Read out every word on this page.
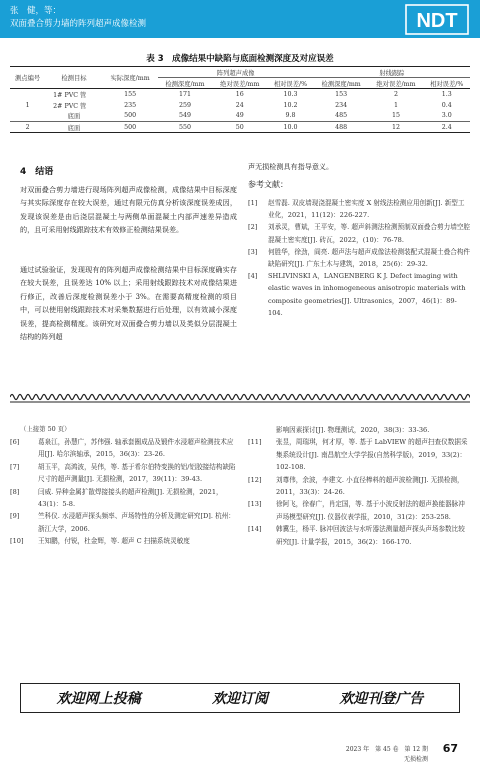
张　健，等：
双面叠合剪力墙的阵列超声成像检测	NDT
表 3　成像结果中缺陷与底面检测深度及对应误差
测点编号	检测目标	实际深度/mm	阵列超声成像			射线跟踪		
			检测深度/mm	绝对误差/mm	相对误差/%	检测深度/mm	绝对误差/mm	相对误差/%
1	1# PVC 管	155	171	16	10.3	153	2	1.3
	2# PVC 管	235	259	24	10.2	234	1	0.4
	底面	500	549	49	9.8	485	15	3.0
2	底面	500	550	50	10.0	488	12	2.4
4　结语

对双面叠合剪力墙进行现场阵列超声成像检测，成像结果中目标深度与其实际深度存在较大误差，通过有限元仿真分析该深度误差成因，发现该误差是由后浇层混凝土与两侧单面混凝土内部声速差异造成的，且可采用射线跟踪技术有效修正检测结果误差。

通过试验验证，发现现有的阵列超声成像检测结果中目标深度确实存在较大误差，且误差达 10% 以上；采用射线跟踪技术对成像结果进行修正，改善后深度检测误差小于 3%。在需要高精度检测的项目中，可以使用射线跟踪技术对采集数据进行后处理，以有效减小深度误差，提高检测精度。该研究对双面叠合剪力墙以及类似分层混凝土结构的阵列超

声无损检测具有指导意义。

参考文献：
[1]	赵雪磊. 双皮墙现浇混凝土密实度 X 射线法检测应用创新[J]. 新型工业化，2021，11(12)：226-227.
[2]	刘承灵，曹斌，王平安，等. 超声斜测法检测预制双面叠合剪力墙空腔混凝土密实度[J]. 砖瓦，2022，(10)：76-78.
[3]	何胜华，徐劲，阎亮. 超声法与超声成像法检测装配式混凝土叠合构件缺陷研究[J]. 广东土木与建筑，2018，25(6)：29-32.
[4]	SHLIVINSKI A，LANGENBERG K J. Defect imaging with elastic waves in inhomogeneous anisotropic materials with composite geometries[J]. Ultrasonics，2007，46(1)：89-104.
（上接第 50 页）
[6]	葛泉江，孙慧广，苏伟强. 轴承套圈成品及锻件水浸超声检测技术应用[J]. 哈尔滨轴承，2015，36(3)：23-26.
[7]	胡玉平，高鸿波，吴伟，等. 基于希尔伯特变换的铝/铝胶接结构缺陷尺寸的超声测量[J]. 无损检测，2017，39(11)：39-43.
[8]	闫威. 异种金属扩散焊接接头的超声检测[J]. 无损检测，2021，43(1)：5-8.
[9]	竺科仪. 水浸超声探头频率、声场特性的分析及测定研究[D]. 杭州：浙江大学，2006.
[10]	王知鹏，付锐，杜金辉，等. 超声 C 扫描系统灵敏度
影响因素探讨[J]. 物理测试，2020，38(3)：33-36.
[11]	张昱，周瑞琪，何才厚，等. 基于 LabVIEW 的超声扫查仪数据采集系统设计[J]. 南昌航空大学学报(自然科学版)，2019，33(2)：102-108.
[12]	刘尊伟，余波，李建文. 小直径棒料的超声波检测[J]. 无损检测，2011，33(3)：24-26.
[13]	徐阿飞，徐春广，肖定国，等. 基于小波反射法的超声换能器脉冲声场模型研究[J]. 仪器仪表学报，2010，31(2)：253-258.
[14]	韩冀生，杨平. 脉冲回波法与水听器法测量超声探头声场参数比较研究[J]. 计量学报，2015，36(2)：166-170.
欢迎网上投稿	欢迎订阅	欢迎刊登广告
2023 年　第 45 卷　第 12 期
无损检测
67
